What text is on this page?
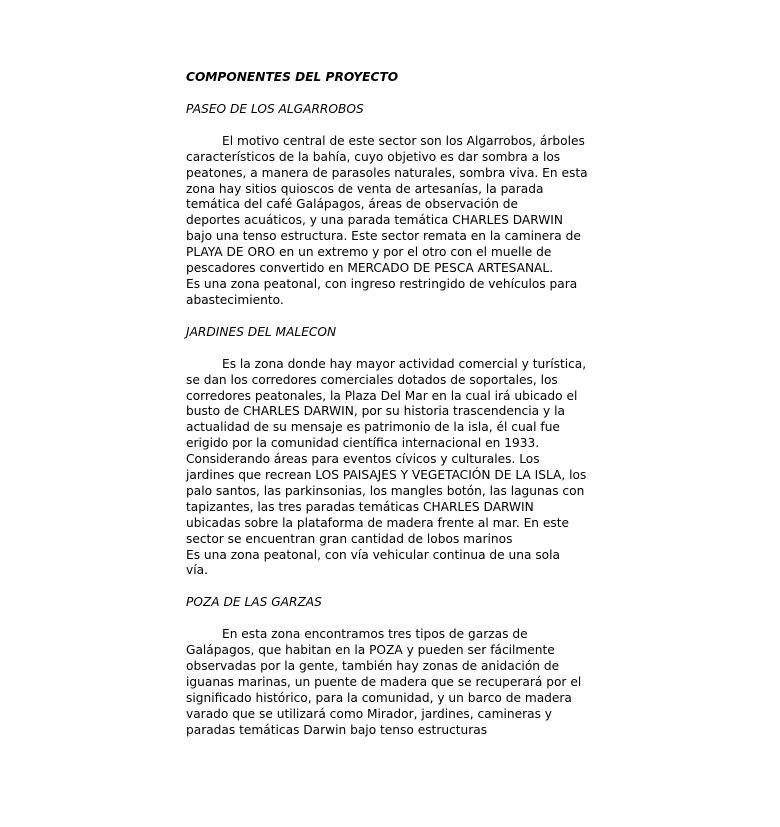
COMPONENTES DEL PROYECTO

PASEO DE LOS ALGARROBOS

El motivo central de este sector son los Algarrobos, árboles
característicos de la bahía, cuyo objetivo es dar sombra a los
peatones, a manera de parasoles naturales, sombra viva. En esta
zona hay sitios quioscos de venta de artesanías, la parada
temática del café Galápagos, áreas de observación de
deportes acuáticos, y una parada temática CHARLES DARWIN
bajo una tenso estructura. Este sector remata en la caminera de
PLAYA DE ORO en un extremo y por el otro con el muelle de
pescadores convertido en MERCADO DE PESCA ARTESANAL.
Es una zona peatonal, con ingreso restringido de vehículos para
abastecimiento.

JARDINES DEL MALECON

Es la zona donde hay mayor actividad comercial y turística,
se dan los corredores comerciales dotados de soportales, los
corredores peatonales, la Plaza Del Mar en la cual irá ubicado el
busto de CHARLES DARWIN, por su historia trascendencia y la
actualidad de su mensaje es patrimonio de la isla, él cual fue
erigido por la comunidad científica internacional en 1933.
Considerando áreas para eventos cívicos y culturales. Los
jardines que recrean LOS PAISAJES Y VEGETACIÓN DE LA ISLA, los
palo santos, las parkinsonias, los mangles botón, las lagunas con
tapizantes, las tres paradas temáticas CHARLES DARWIN
ubicadas sobre la plataforma de madera frente al mar. En este
sector se encuentran gran cantidad de lobos marinos
Es una zona peatonal, con vía vehicular continua de una sola
vía.

POZA DE LAS GARZAS

En esta zona encontramos tres tipos de garzas de
Galápagos, que habitan en la POZA y pueden ser fácilmente
observadas por la gente, también hay zonas de anidación de
iguanas marinas, un puente de madera que se recuperará por el
significado histórico, para la comunidad, y un barco de madera
varado que se utilizará como Mirador, jardines, camineras y
paradas temáticas Darwin bajo tenso estructuras
